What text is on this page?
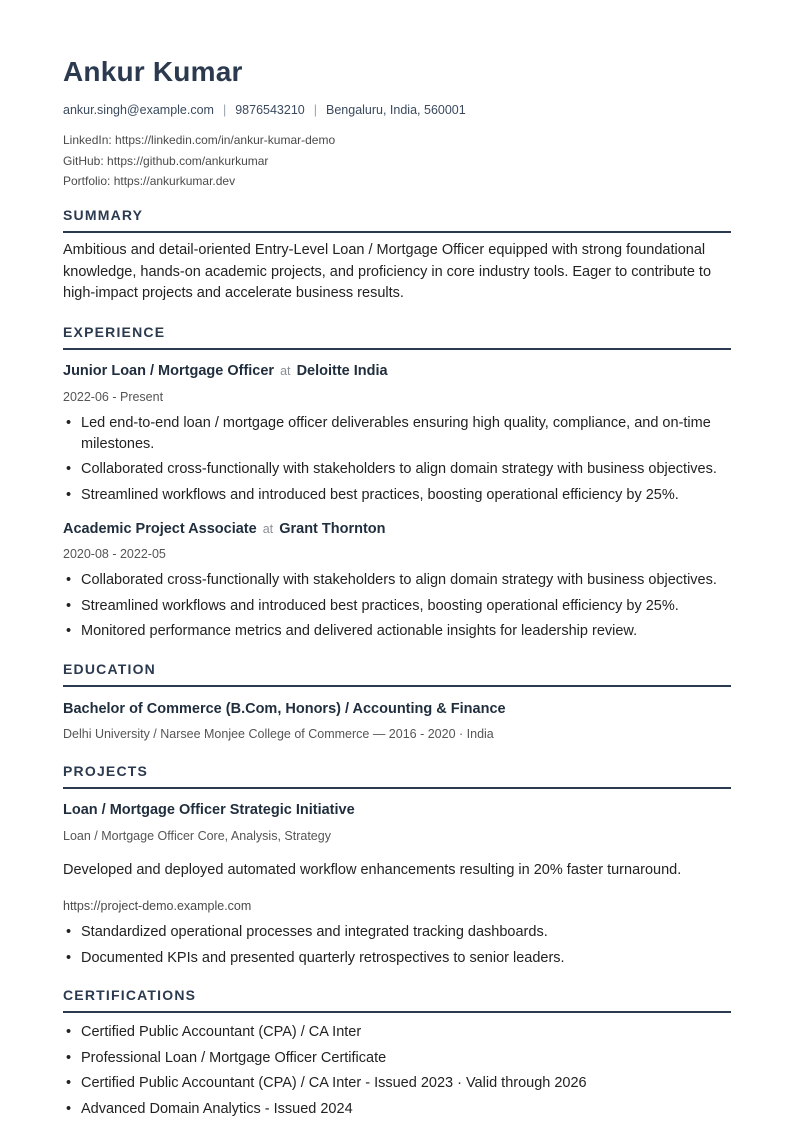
Ankur Kumar
ankur.singh@example.com | 9876543210 | Bengaluru, India, 560001
LinkedIn: https://linkedin.com/in/ankur-kumar-demo
GitHub: https://github.com/ankurkumar
Portfolio: https://ankurkumar.dev
SUMMARY
Ambitious and detail-oriented Entry-Level Loan / Mortgage Officer equipped with strong foundational knowledge, hands-on academic projects, and proficiency in core industry tools. Eager to contribute to high-impact projects and accelerate business results.
EXPERIENCE
Junior Loan / Mortgage Officer at Deloitte India
2022-06 - Present
• Led end-to-end loan / mortgage officer deliverables ensuring high quality, compliance, and on-time milestones.
• Collaborated cross-functionally with stakeholders to align domain strategy with business objectives.
• Streamlined workflows and introduced best practices, boosting operational efficiency by 25%.
Academic Project Associate at Grant Thornton
2020-08 - 2022-05
• Collaborated cross-functionally with stakeholders to align domain strategy with business objectives.
• Streamlined workflows and introduced best practices, boosting operational efficiency by 25%.
• Monitored performance metrics and delivered actionable insights for leadership review.
EDUCATION
Bachelor of Commerce (B.Com, Honors) / Accounting & Finance
Delhi University / Narsee Monjee College of Commerce — 2016 - 2020 · India
PROJECTS
Loan / Mortgage Officer Strategic Initiative
Loan / Mortgage Officer Core, Analysis, Strategy
Developed and deployed automated workflow enhancements resulting in 20% faster turnaround.
https://project-demo.example.com
• Standardized operational processes and integrated tracking dashboards.
• Documented KPIs and presented quarterly retrospectives to senior leaders.
CERTIFICATIONS
• Certified Public Accountant (CPA) / CA Inter
• Professional Loan / Mortgage Officer Certificate
• Certified Public Accountant (CPA) / CA Inter - Issued 2023 · Valid through 2026
• Advanced Domain Analytics - Issued 2024
